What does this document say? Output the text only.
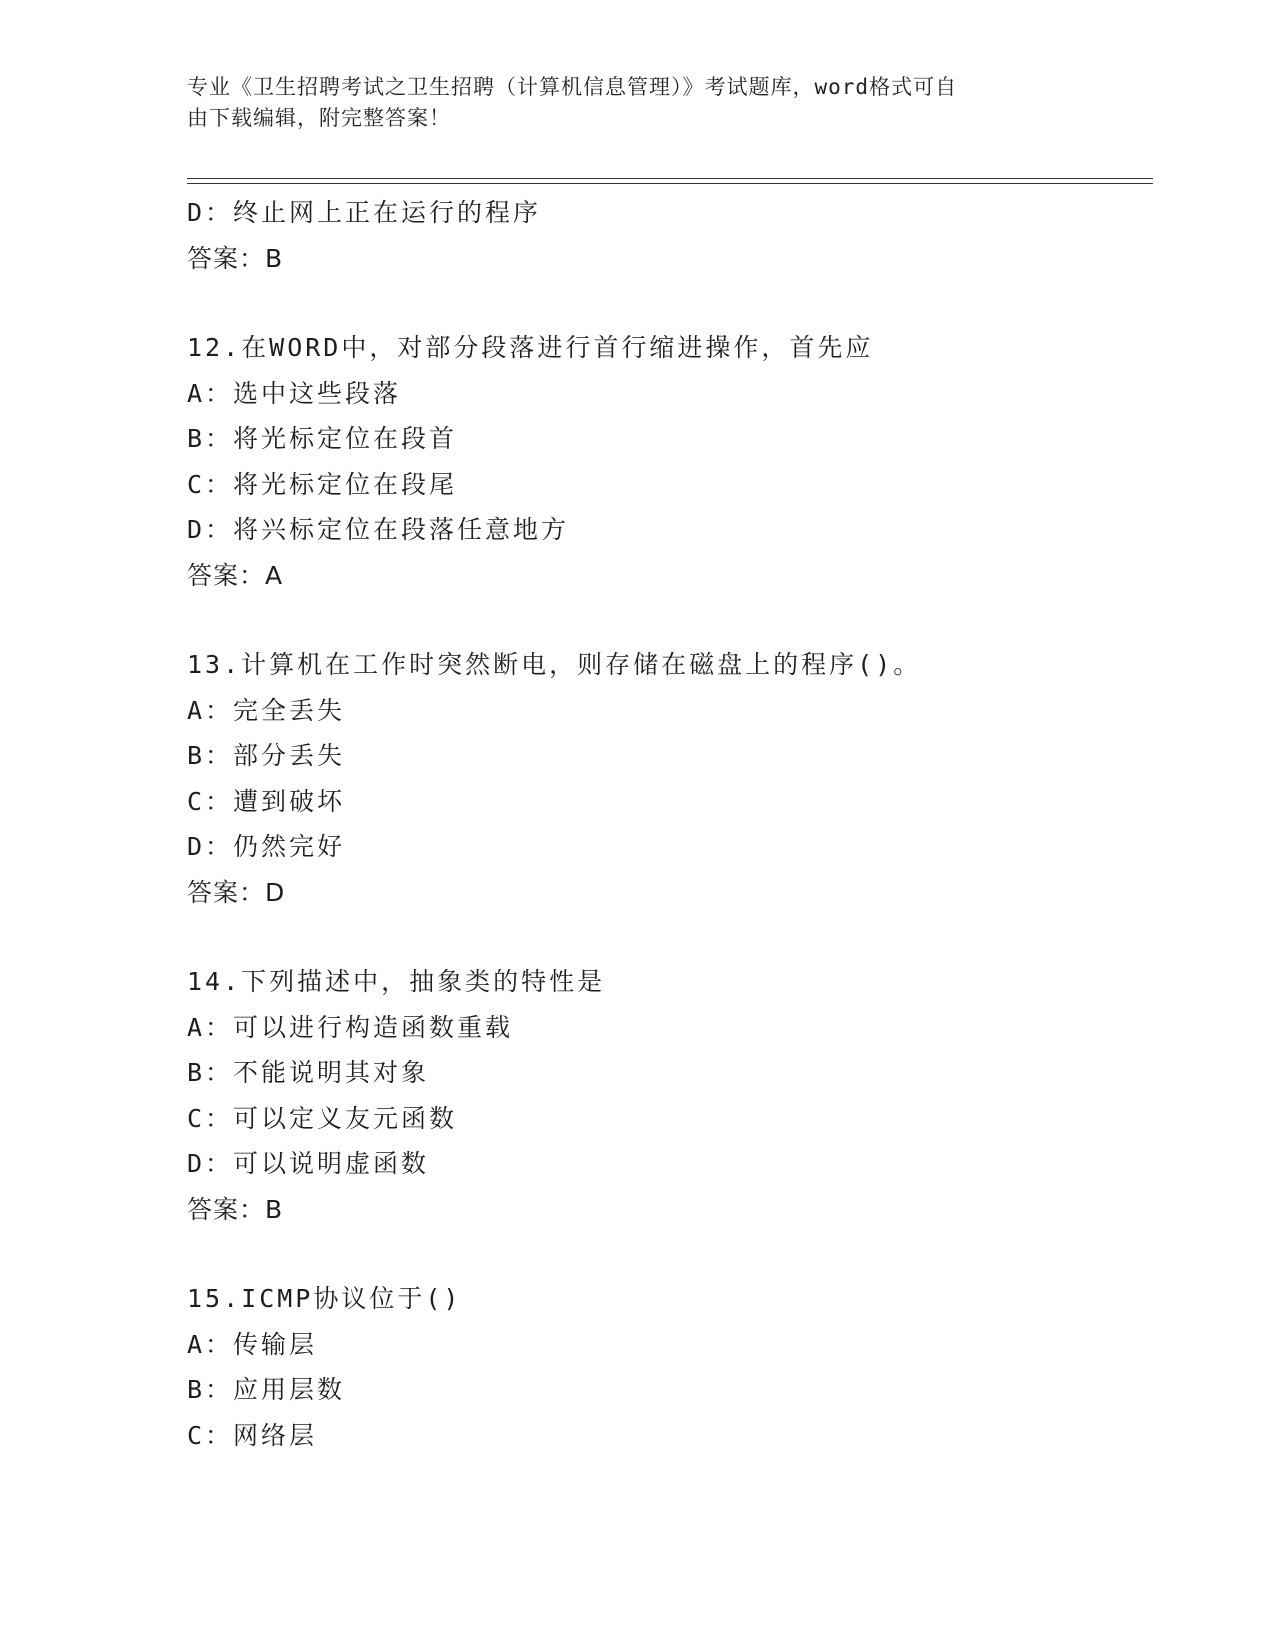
专业《卫生招聘考试之卫生招聘（计算机信息管理）》考试题库，word格式可自
由下载编辑，附完整答案！
D：终止网上正在运行的程序
答案：B
12.在WORD中，对部分段落进行首行缩进操作，首先应
A：选中这些段落
B：将光标定位在段首
C：将光标定位在段尾
D：将兴标定位在段落任意地方
答案：A
13.计算机在工作时突然断电，则存储在磁盘上的程序()。
A：完全丢失
B：部分丢失
C：遭到破坏
D：仍然完好
答案：D
14.下列描述中，抽象类的特性是
A：可以进行构造函数重载
B：不能说明其对象
C：可以定义友元函数
D：可以说明虚函数
答案：B
15.ICMP协议位于()
A：传输层
B：应用层数
C：网络层
